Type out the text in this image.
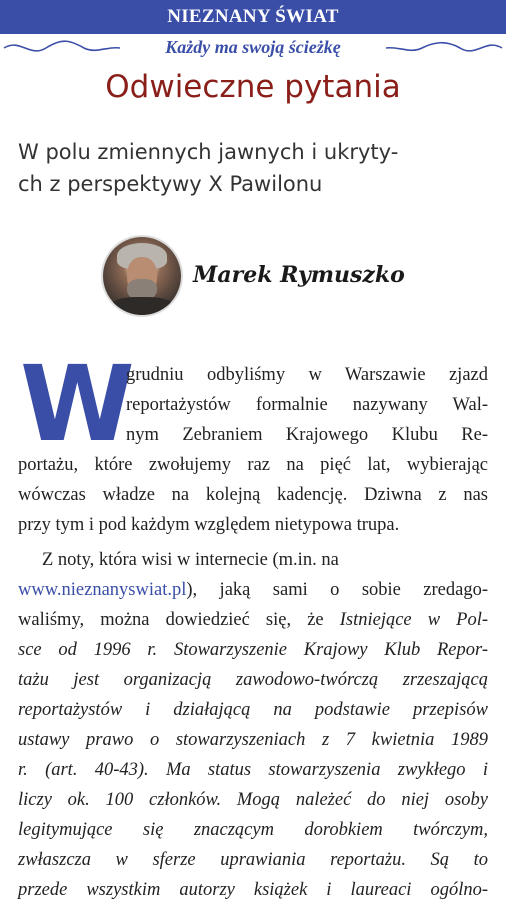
NIEZNANY ŚWIAT
Każdy ma swoją ścieżkę
Odwieczne pytania
W polu zmiennych jawnych i ukryty-
ch z perspektywy X Pawilonu
Marek Rymuszko
W
grudniu odbyliśmy w Warszawie zjazd
reportażystów formalnie nazywany Wal-
nym Zebraniem Krajowego Klubu Re-
portażu, które zwołujemy raz na pięć lat, wybierając
wówczas władze na kolejną kadencję. Dziwna z nas
przy tym i pod każdym względem nietypowa trupa.
Z noty, która wisi w internecie (m.in. na
www.nieznanyswiat.pl), jaką sami o sobie zredago-
waliśmy, można dowiedzieć się, że Istniejące w Pol-
sce od 1996 r. Stowarzyszenie Krajowy Klub Repor-
tażu jest organizacją zawodowo-twórczą zrzeszającą
reportażystów i działającą na podstawie przepisów
ustawy prawo o stowarzyszeniach z 7 kwietnia 1989
r. (art. 40-43). Ma status stowarzyszenia zwykłego i
liczy ok. 100 członków. Mogą należeć do niej osoby
legitymujące się znaczącym dorobkiem twórczym,
zwłaszcza w sferze uprawiania reportażu. Są to
przede wszystkim autorzy książek i laureaci ogólno-
